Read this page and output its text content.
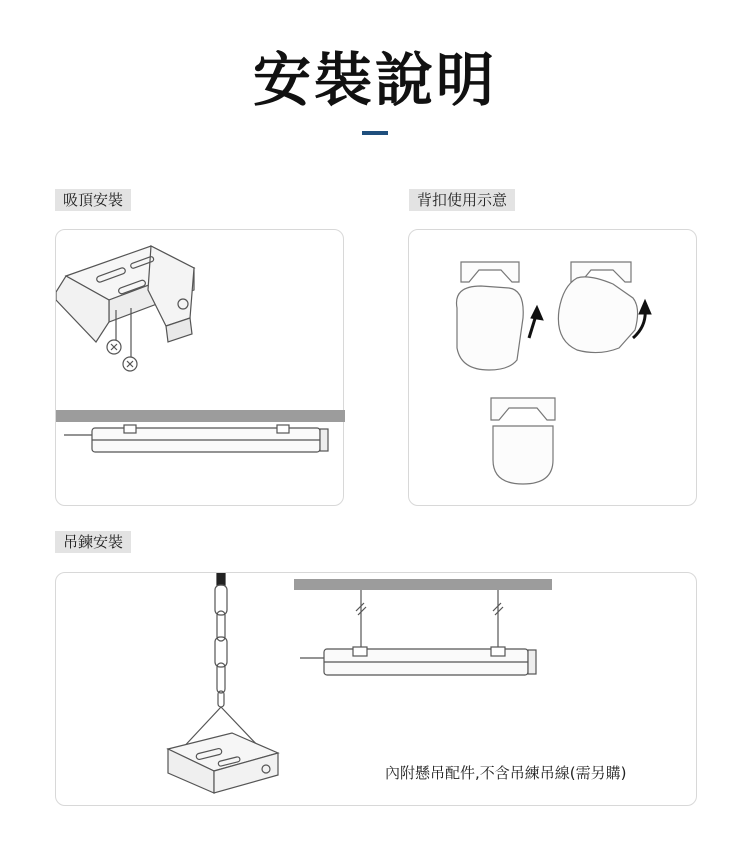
安裝說明
吸頂安裝	背扣使用示意
吊鍊安裝
內附懸吊配件,不含吊練吊線(需另購)
